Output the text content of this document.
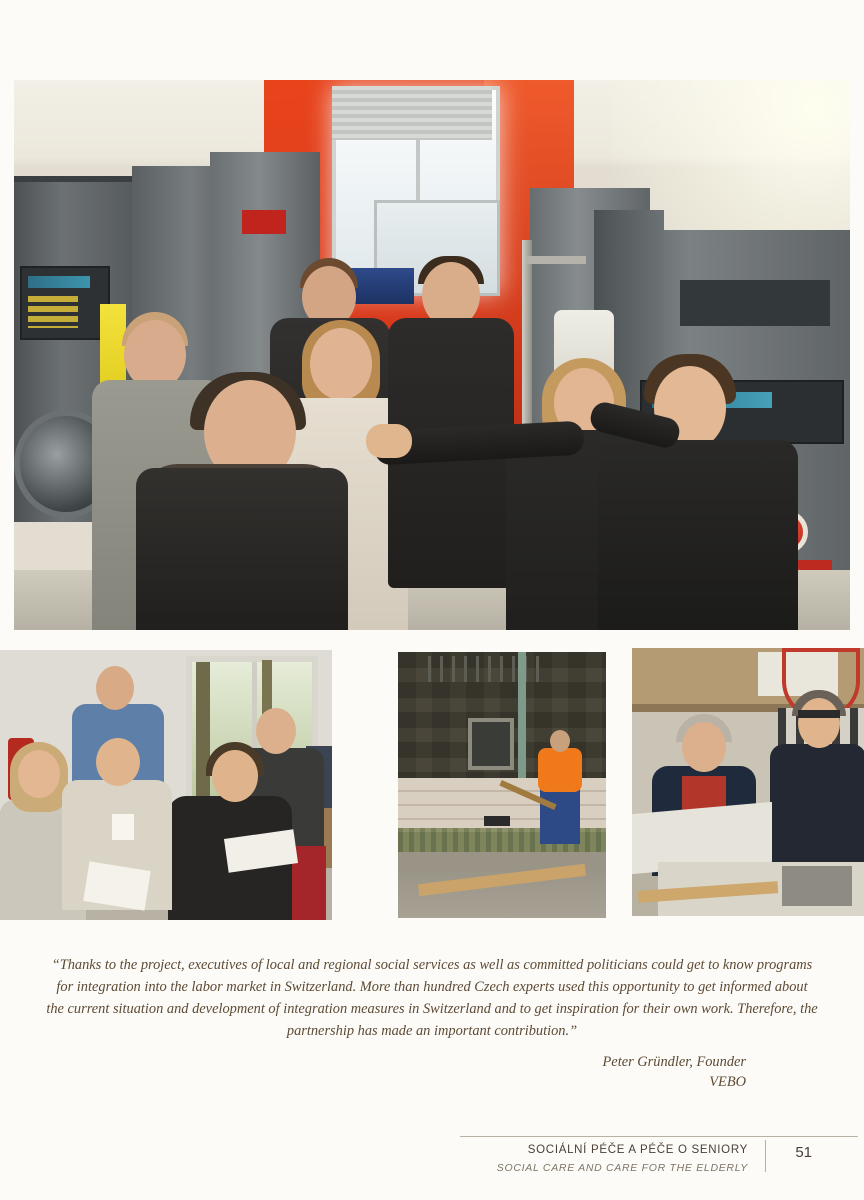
“Thanks to the project, executives of local and regional social services as well as committed politicians could get to know programs for integration into the labor market in Switzerland. More than hundred Czech experts used this opportunity to get informed about the current situation and development of integration measures in Switzerland and to get inspiration for their own work. Therefore, the partnership has made an important contribution.”
Peter Gründler, Founder
VEBO
SOCIÁLNÍ PÉČE A PÉČE O SENIORY
SOCIAL CARE AND CARE FOR THE ELDERLY
51
